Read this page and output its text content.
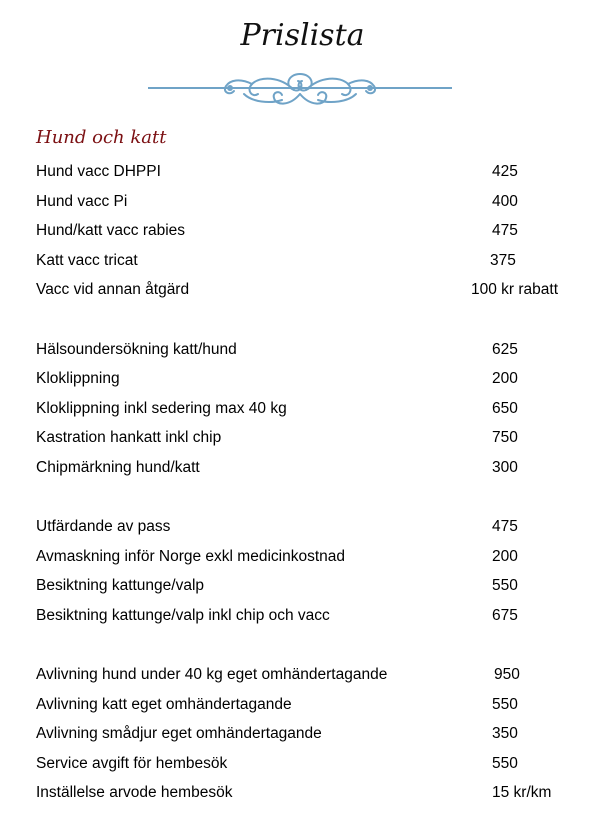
Prislista
Hund och katt
Hund vacc DHPPI	425
Hund vacc Pi	400
Hund/katt vacc rabies	475
Katt vacc tricat	375
Vacc vid annan åtgärd	100 kr rabatt
Hälsoundersökning katt/hund	625
Kloklippning	200
Kloklippning inkl sedering max 40 kg	650
Kastration hankatt inkl chip	750
Chipmärkning hund/katt	300
Utfärdande av pass	475
Avmaskning inför Norge exkl medicinkostnad	200
Besiktning kattunge/valp	550
Besiktning kattunge/valp inkl chip och vacc	675
Avlivning hund under 40 kg eget omhändertagande	950
Avlivning katt eget omhändertagande	550
Avlivning smådjur eget omhändertagande	350
Service avgift för hembesök	550
Inställelse arvode hembesök	15 kr/km
